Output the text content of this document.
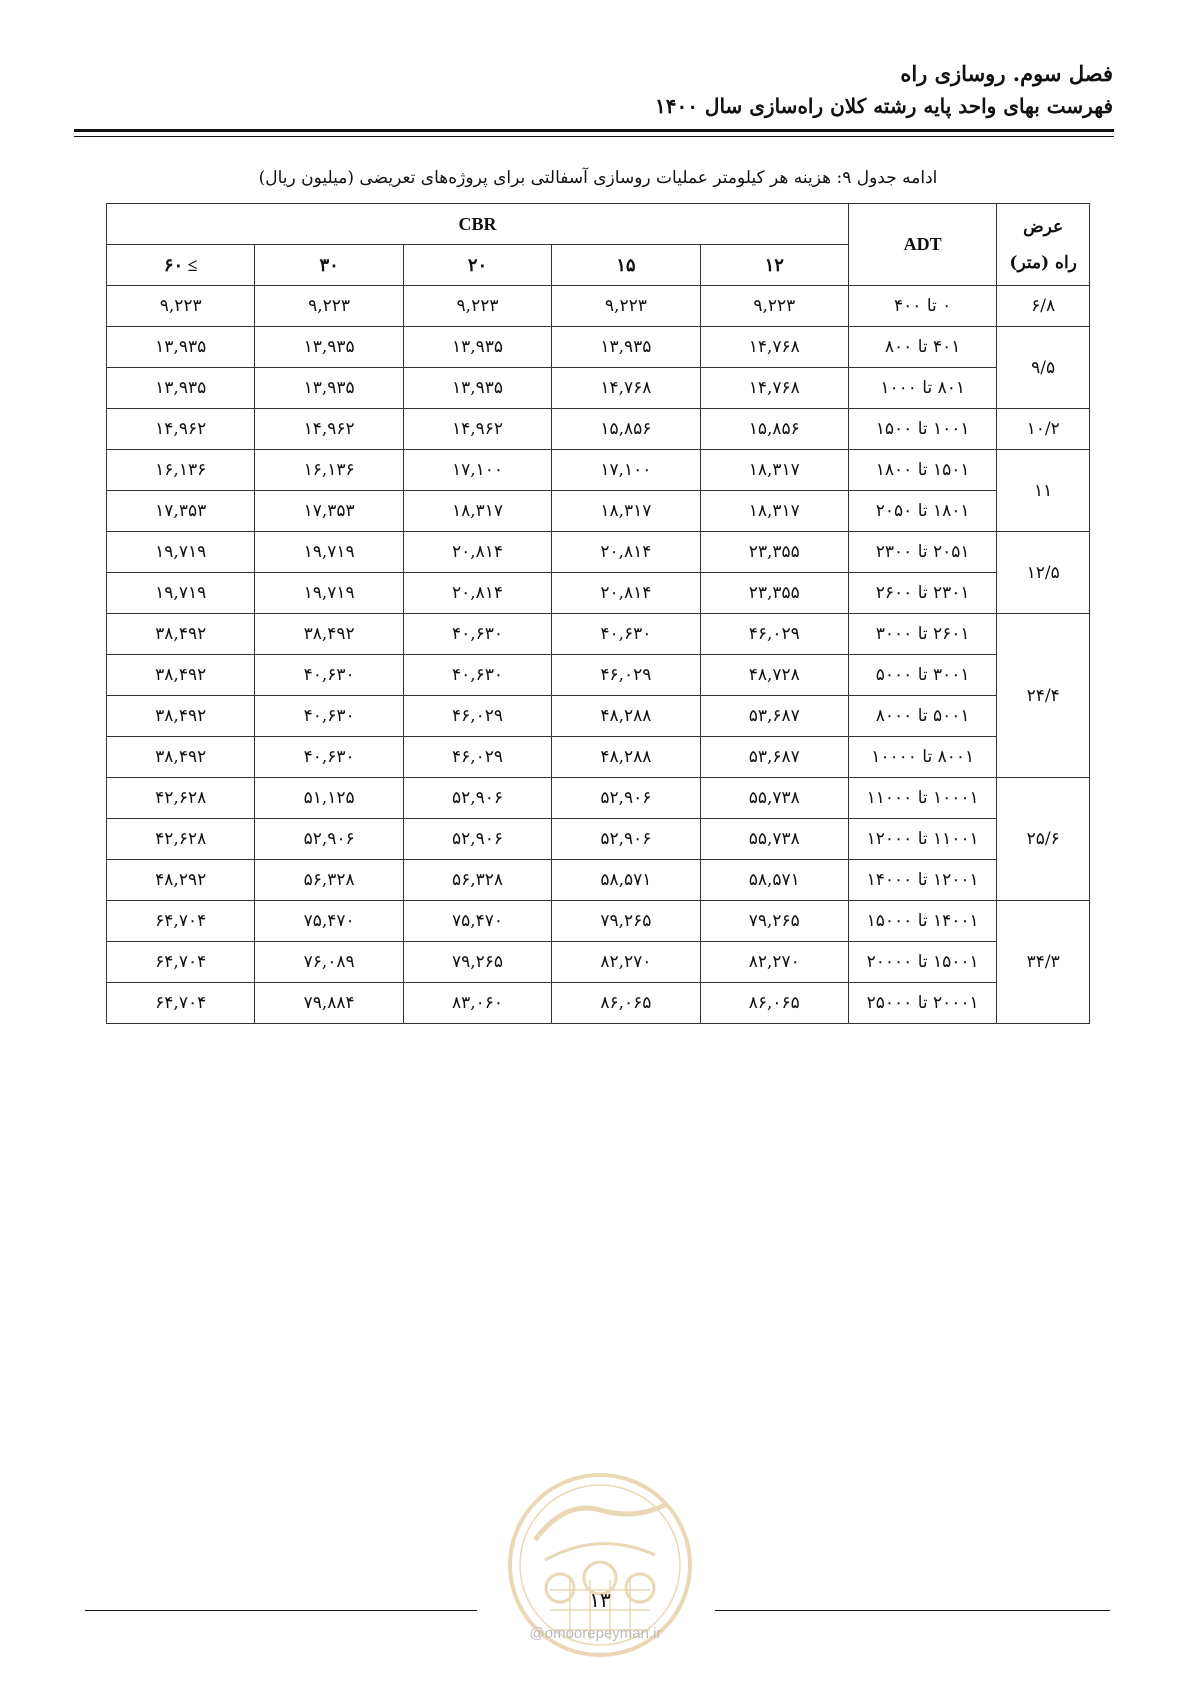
فصل سوم. روسازی راه
فهرست بهای واحد پایه رشته کلان راه‌سازی سال ۱۴۰۰
ادامه جدول ۹: هزینه هر کیلومتر عملیات روسازی آسفالتی برای پروژه‌های تعریضی (میلیون ریال)
عرض
راه (متر)	ADT	CBR				
		۱۲	۱۵	۲۰	۳۰	≥ ۶۰
۶/۸	۰ تا ۴۰۰	۹,۲۲۳	۹,۲۲۳	۹,۲۲۳	۹,۲۲۳	۹,۲۲۳
۹/۵	۴۰۱ تا ۸۰۰	۱۴,۷۶۸	۱۳,۹۳۵	۱۳,۹۳۵	۱۳,۹۳۵	۱۳,۹۳۵
	۸۰۱ تا ۱۰۰۰	۱۴,۷۶۸	۱۴,۷۶۸	۱۳,۹۳۵	۱۳,۹۳۵	۱۳,۹۳۵
۱۰/۲	۱۰۰۱ تا ۱۵۰۰	۱۵,۸۵۶	۱۵,۸۵۶	۱۴,۹۶۲	۱۴,۹۶۲	۱۴,۹۶۲
۱۱	۱۵۰۱ تا ۱۸۰۰	۱۸,۳۱۷	۱۷,۱۰۰	۱۷,۱۰۰	۱۶,۱۳۶	۱۶,۱۳۶
	۱۸۰۱ تا ۲۰۵۰	۱۸,۳۱۷	۱۸,۳۱۷	۱۸,۳۱۷	۱۷,۳۵۳	۱۷,۳۵۳
۱۲/۵	۲۰۵۱ تا ۲۳۰۰	۲۳,۳۵۵	۲۰,۸۱۴	۲۰,۸۱۴	۱۹,۷۱۹	۱۹,۷۱۹
	۲۳۰۱ تا ۲۶۰۰	۲۳,۳۵۵	۲۰,۸۱۴	۲۰,۸۱۴	۱۹,۷۱۹	۱۹,۷۱۹
۲۴/۴	۲۶۰۱ تا ۳۰۰۰	۴۶,۰۲۹	۴۰,۶۳۰	۴۰,۶۳۰	۳۸,۴۹۲	۳۸,۴۹۲
	۳۰۰۱ تا ۵۰۰۰	۴۸,۷۲۸	۴۶,۰۲۹	۴۰,۶۳۰	۴۰,۶۳۰	۳۸,۴۹۲
	۵۰۰۱ تا ۸۰۰۰	۵۳,۶۸۷	۴۸,۲۸۸	۴۶,۰۲۹	۴۰,۶۳۰	۳۸,۴۹۲
	۸۰۰۱ تا ۱۰۰۰۰	۵۳,۶۸۷	۴۸,۲۸۸	۴۶,۰۲۹	۴۰,۶۳۰	۳۸,۴۹۲
۲۵/۶	۱۰۰۰۱ تا ۱۱۰۰۰	۵۵,۷۳۸	۵۲,۹۰۶	۵۲,۹۰۶	۵۱,۱۲۵	۴۲,۶۲۸
	۱۱۰۰۱ تا ۱۲۰۰۰	۵۵,۷۳۸	۵۲,۹۰۶	۵۲,۹۰۶	۵۲,۹۰۶	۴۲,۶۲۸
	۱۲۰۰۱ تا ۱۴۰۰۰	۵۸,۵۷۱	۵۸,۵۷۱	۵۶,۳۲۸	۵۶,۳۲۸	۴۸,۲۹۲
۳۴/۳	۱۴۰۰۱ تا ۱۵۰۰۰	۷۹,۲۶۵	۷۹,۲۶۵	۷۵,۴۷۰	۷۵,۴۷۰	۶۴,۷۰۴
	۱۵۰۰۱ تا ۲۰۰۰۰	۸۲,۲۷۰	۸۲,۲۷۰	۷۹,۲۶۵	۷۶,۰۸۹	۶۴,۷۰۴
	۲۰۰۰۱ تا ۲۵۰۰۰	۸۶,۰۶۵	۸۶,۰۶۵	۸۳,۰۶۰	۷۹,۸۸۴	۶۴,۷۰۴
۱۳
@omoorepeyman.ir
